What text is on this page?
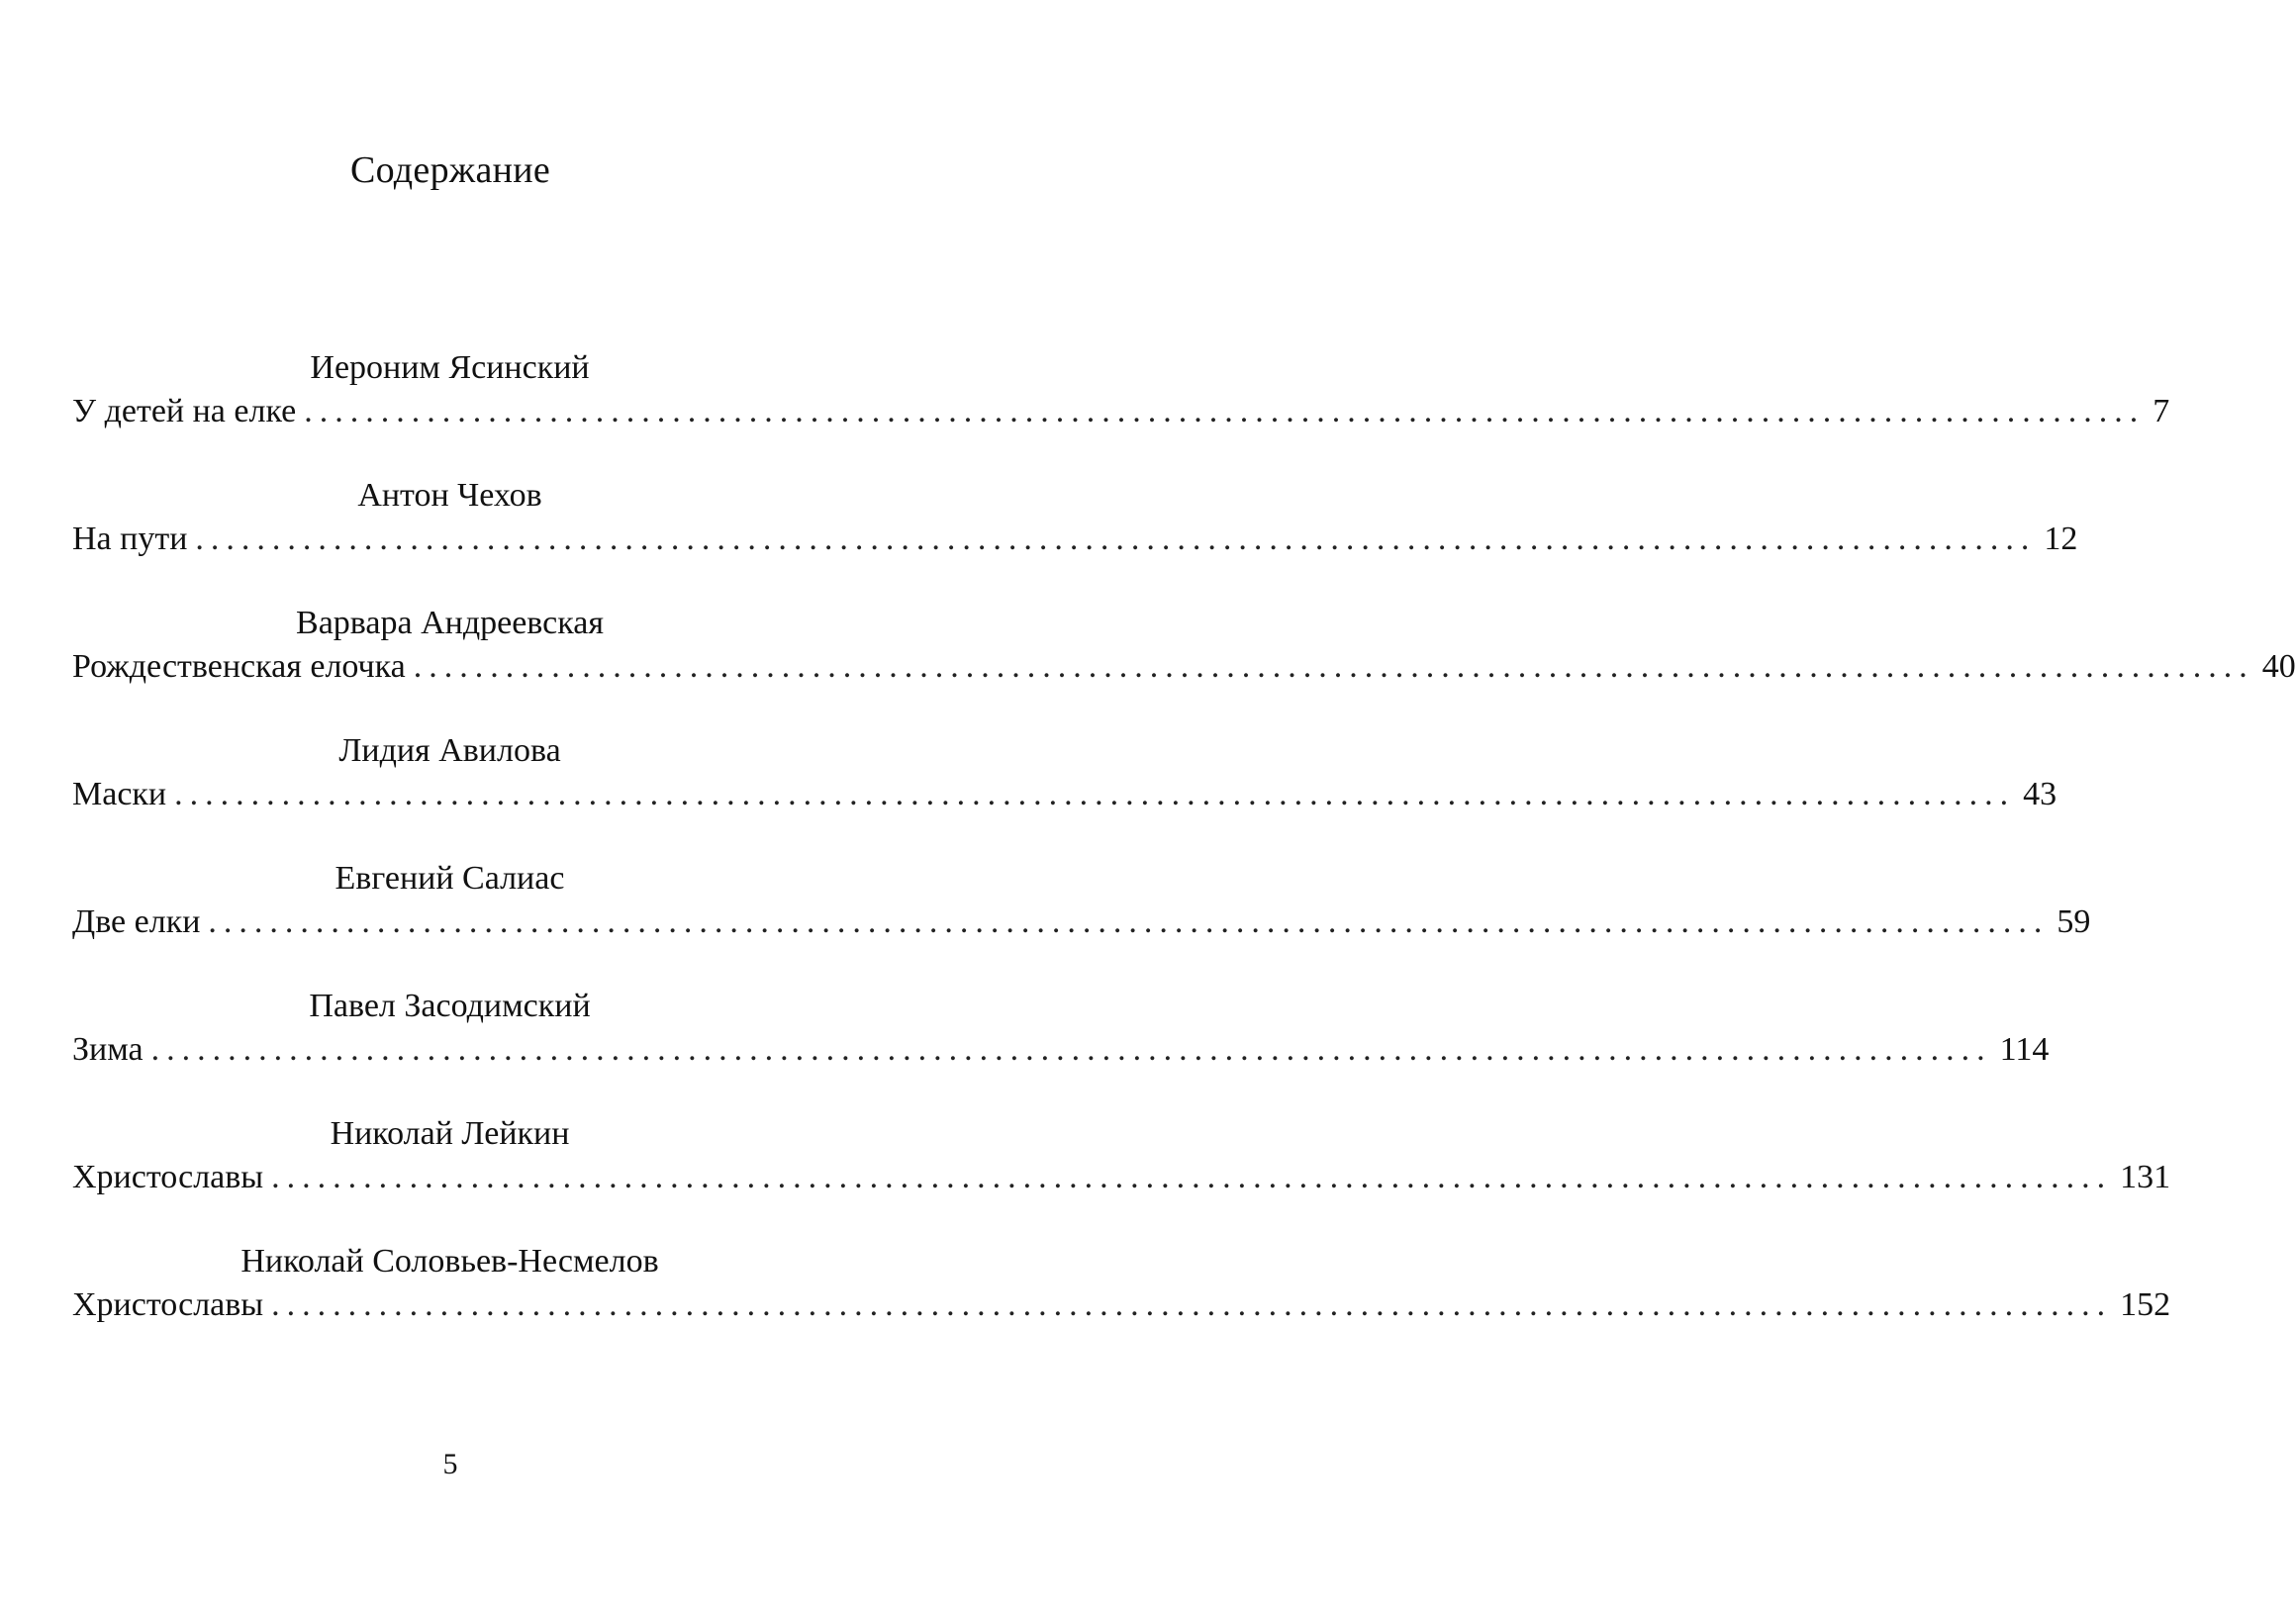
Содержание
Иероним Ясинский
У детей на елке ........................................................................................................................ 7
Антон Чехов
На пути ........................................................................................................................ 12
Варвара Андреевская
Рождественская елочка ........................................................................................................................ 40
Лидия Авилова
Маски ........................................................................................................................ 43
Евгений Салиас
Две елки ........................................................................................................................ 59
Павел Засодимский
Зима ........................................................................................................................ 114
Николай Лейкин
Христославы ........................................................................................................................ 131
Николай Соловьев-Несмелов
Христославы ........................................................................................................................ 152
5
